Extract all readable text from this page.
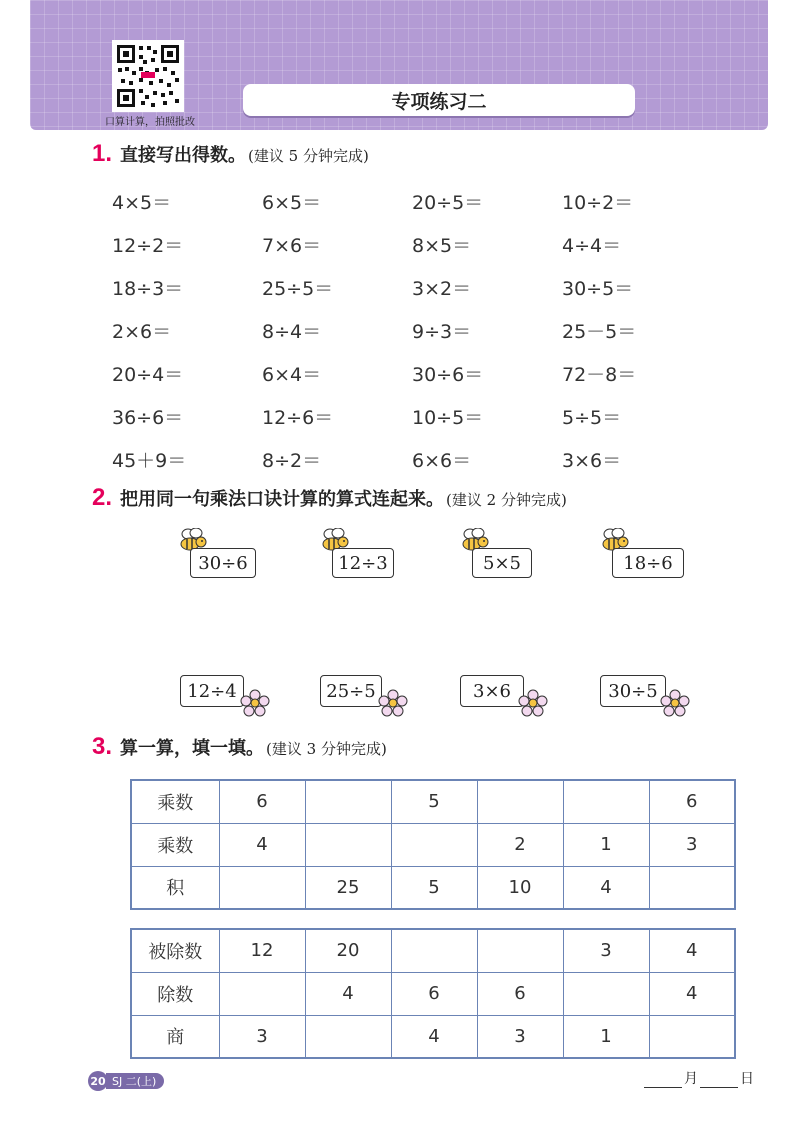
口算计算，拍照批改
专项练习二
1. 直接写出得数。 (建议 5 分钟完成)
4×5＝	6×5＝	20÷5＝	10÷2＝
12÷2＝	7×6＝	8×5＝	4÷4＝
18÷3＝	25÷5＝	3×2＝	30÷5＝
2×6＝	8÷4＝	9÷3＝	25－5＝
20÷4＝	6×4＝	30÷6＝	72－8＝
36÷6＝	12÷6＝	10÷5＝	5÷5＝
45＋9＝	8÷2＝	6×6＝	3×6＝
2. 把用同一句乘法口诀计算的算式连起来。 (建议 2 分钟完成)
30÷6	12÷3	5×5	18÷6
12÷4	25÷5	3×6	30÷5
3. 算一算，填一填。 (建议 3 分钟完成)
乘数	6		5			6
乘数	4			2	1	3
积		25	5	10	4	
被除数	12	20			3	4
除数		4	6	6		4
商	3		4	3	1	
20 SJ 二(上)	月	日
